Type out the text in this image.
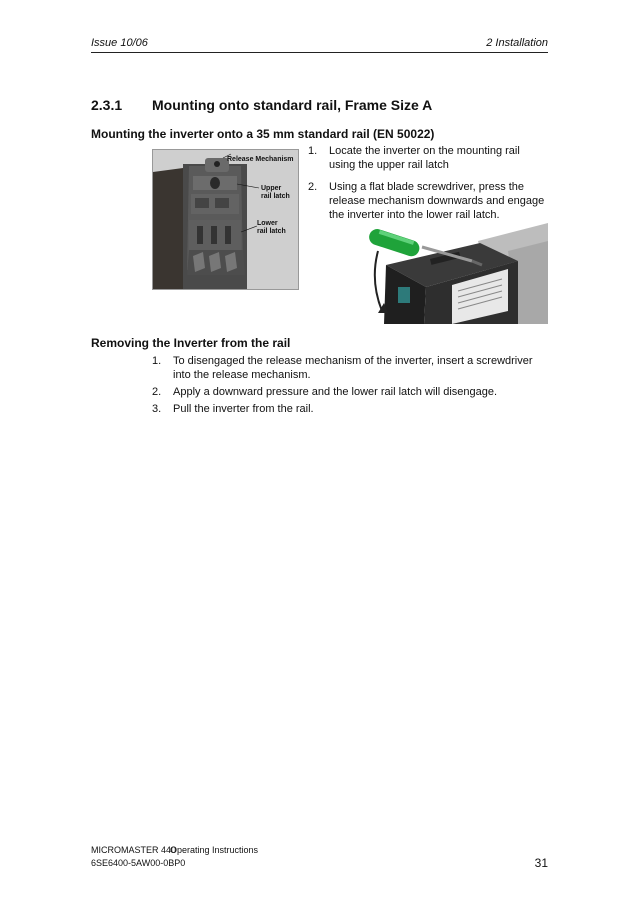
Issue 10/06	2 Installation
2.3.1 Mounting onto standard rail, Frame Size A
Mounting the inverter onto a 35 mm standard rail (EN 50022)
Release Mechanism
Upper
rail latch
Lower
rail latch
1. Locate the inverter on the mounting rail using the upper rail latch
2. Using a flat blade screwdriver, press the release mechanism downwards and engage the inverter into the lower rail latch.
Removing the Inverter from the rail
1. To disengaged the release mechanism of the inverter, insert a screwdriver into the release mechanism.
2. Apply a downward pressure and the lower rail latch will disengage.
3. Pull the inverter from the rail.
MICROMASTER 440
Operating Instructions
6SE6400-5AW00-0BP0	31
